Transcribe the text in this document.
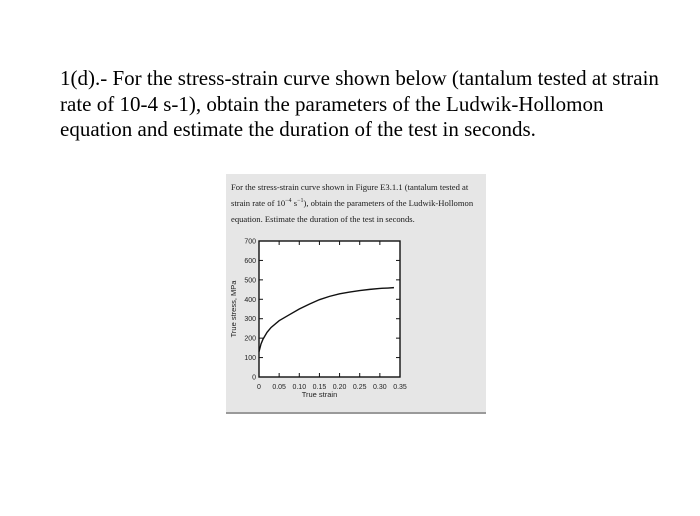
1(d).- For the stress-strain curve shown below (tantalum tested at strain rate of 10-4 s-1), obtain the parameters of the Ludwik-Hollomon equation and estimate the duration of the test in seconds.

For the stress-strain curve shown in Figure E3.1.1 (tantalum tested at strain rate of $10^{-4}$ $s^{-1}$), obtain the parameters of the Ludwik-Hollomon equation. Estimate the duration of the test in seconds.
0 0.05 0.10 0.15 0.20 0.25 0.30 0.35
0
100
200
300
400
500
600
700
True strain
True stress, MPa
